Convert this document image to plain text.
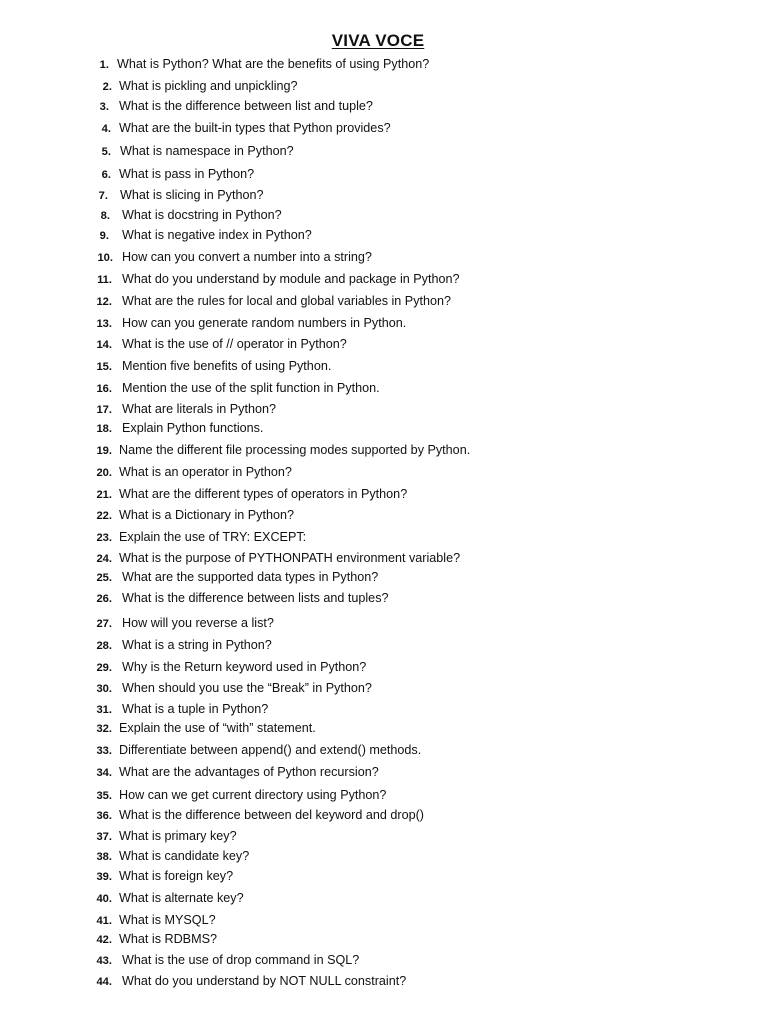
VIVA VOCE
1. What is Python? What are the benefits of using Python?
2. What is pickling and unpickling?
3. What is the difference between list and tuple?
4. What are the built-in types that Python provides?
5. What is namespace in Python?
6. What is pass in Python?
7. What is slicing in Python?
8. What is docstring in Python?
9. What is negative index in Python?
10. How can you convert a number into a string?
11. What do you understand by module and package in Python?
12. What are the rules for local and global variables in Python?
13. How can you generate random numbers in Python.
14. What is the use of // operator in Python?
15. Mention five benefits of using Python.
16. Mention the use of the split function in Python.
17. What are literals in Python?
18. Explain Python functions.
19. Name the different file processing modes supported by Python.
20. What is an operator in Python?
21. What are the different types of operators in Python?
22. What is a Dictionary in Python?
23. Explain the use of TRY: EXCEPT:
24. What is the purpose of PYTHONPATH environment variable?
25. What are the supported data types in Python?
26. What is the difference between lists and tuples?
27. How will you reverse a list?
28. What is a string in Python?
29. Why is the Return keyword used in Python?
30. When should you use the “Break” in Python?
31. What is a tuple in Python?
32. Explain the use of “with” statement.
33. Differentiate between append() and extend() methods.
34. What are the advantages of Python recursion?
35. How can we get current directory using Python?
36. What is the difference between del keyword and drop()
37. What is primary key?
38. What is candidate key?
39. What is foreign key?
40. What is alternate key?
41. What is MYSQL?
42. What is RDBMS?
43. What is the use of drop command in SQL?
44. What do you understand by NOT NULL constraint?
